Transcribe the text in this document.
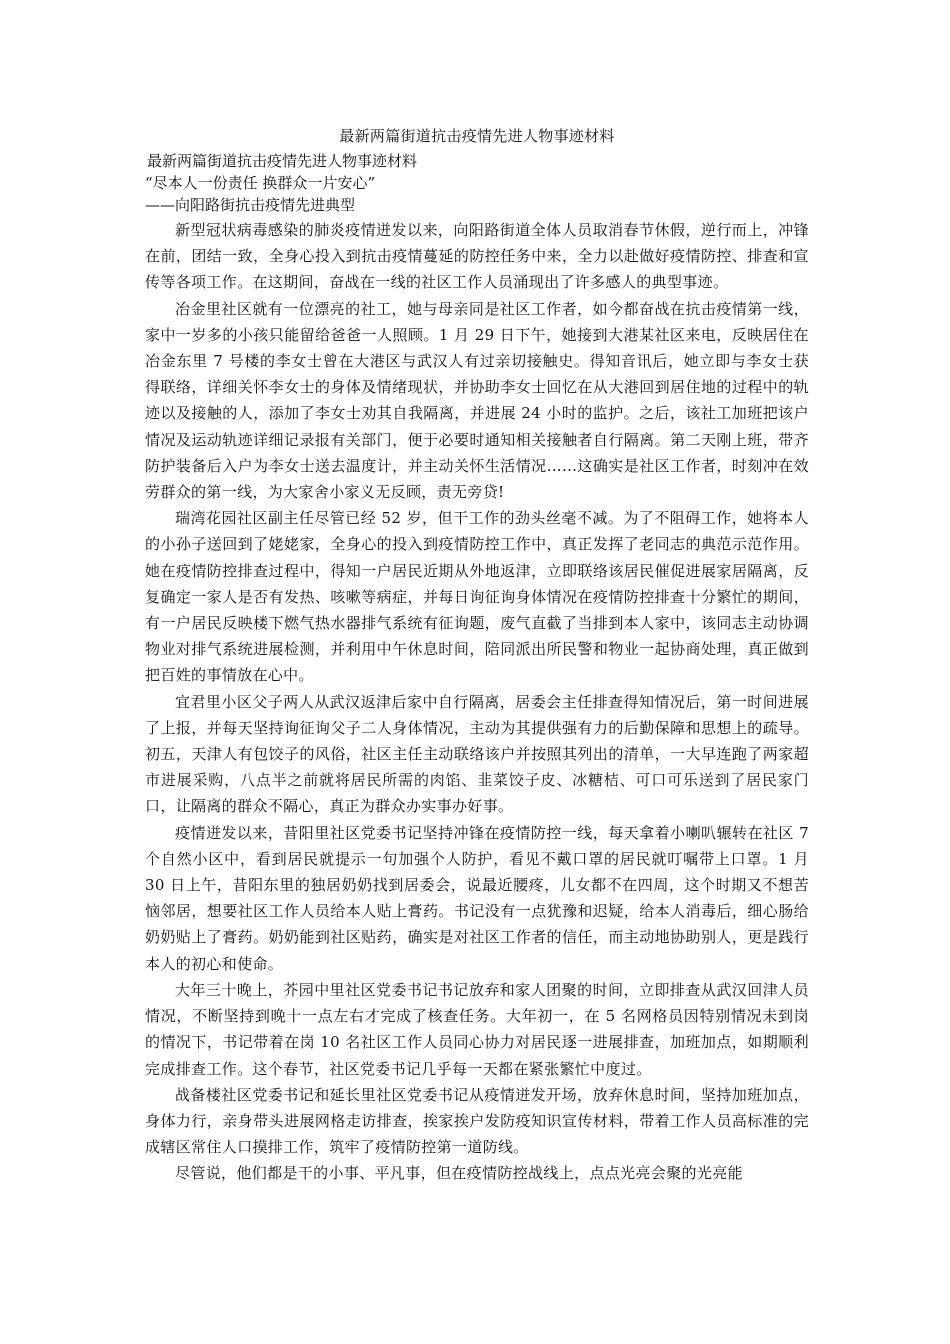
最新两篇街道抗击疫情先进人物事迹材料
最新两篇街道抗击疫情先进人物事迹材料
“尽本人一份责任 换群众一片安心”
——向阳路街抗击疫情先进典型

新型冠状病毒感染的肺炎疫情迸发以来，向阳路街道全体人员取消春节休假，逆行而上，冲锋在前，团结一致，全身心投入到抗击疫情蔓延的防控任务中来，全力以赴做好疫情防控、排查和宣传等各项工作。在这期间，奋战在一线的社区工作人员涌现出了许多感人的典型事迹。

冶金里社区就有一位漂亮的社工，她与母亲同是社区工作者，如今都奋战在抗击疫情第一线，家中一岁多的小孩只能留给爸爸一人照顾。1 月 29 日下午，她接到大港某社区来电，反映居住在冶金东里 7 号楼的李女士曾在大港区与武汉人有过亲切接触史。得知音讯后，她立即与李女士获得联络，详细关怀李女士的身体及情绪现状，并协助李女士回忆在从大港回到居住地的过程中的轨迹以及接触的人，添加了李女士劝其自我隔离，并进展 24 小时的监护。之后，该社工加班把该户情况及运动轨迹详细记录报有关部门，便于必要时通知相关接触者自行隔离。第二天刚上班，带齐防护装备后入户为李女士送去温度计，并主动关怀生活情况……这确实是社区工作者，时刻冲在效劳群众的第一线，为大家舍小家义无反顾，责无旁贷!

瑞湾花园社区副主任尽管已经 52 岁，但干工作的劲头丝毫不减。为了不阻碍工作，她将本人的小孙子送回到了姥姥家，全身心的投入到疫情防控工作中，真正发挥了老同志的典范示范作用。她在疫情防控排查过程中，得知一户居民近期从外地返津，立即联络该居民催促进展家居隔离，反复确定一家人是否有发热、咳嗽等病症，并每日询征询身体情况在疫情防控排查十分繁忙的期间，有一户居民反映楼下燃气热水器排气系统有征询题，废气直截了当排到本人家中，该同志主动协调物业对排气系统进展检测，并利用中午休息时间，陪同派出所民警和物业一起协商处理，真正做到把百姓的事情放在心中。

宜君里小区父子两人从武汉返津后家中自行隔离，居委会主任排查得知情况后，第一时间进展了上报，并每天坚持询征询父子二人身体情况，主动为其提供强有力的后勤保障和思想上的疏导。初五，天津人有包饺子的风俗，社区主任主动联络该户并按照其列出的清单，一大早连跑了两家超市进展采购，八点半之前就将居民所需的肉馅、韭菜饺子皮、冰糖桔、可口可乐送到了居民家门口，让隔离的群众不隔心，真正为群众办实事办好事。

疫情迸发以来，昔阳里社区党委书记坚持冲锋在疫情防控一线，每天拿着小喇叭辗转在社区 7 个自然小区中，看到居民就提示一句加强个人防护，看见不戴口罩的居民就叮嘱带上口罩。1 月 30 日上午，昔阳东里的独居奶奶找到居委会，说最近腰疼，儿女都不在四周，这个时期又不想苦恼邻居，想要社区工作人员给本人贴上膏药。书记没有一点犹豫和迟疑，给本人消毒后，细心肠给奶奶贴上了膏药。奶奶能到社区贴药，确实是对社区工作者的信任，而主动地协助别人，更是践行本人的初心和使命。

大年三十晚上，芥园中里社区党委书记书记放弃和家人团聚的时间，立即排查从武汉回津人员情况，不断坚持到晚十一点左右才完成了核查任务。大年初一，在 5 名网格员因特别情况未到岗的情况下，书记带着在岗 10 名社区工作人员同心协力对居民逐一进展排查，加班加点，如期顺利完成排查工作。这个春节，社区党委书记几乎每一天都在紧张繁忙中度过。

战备楼社区党委书记和延长里社区党委书记从疫情迸发开场，放弃休息时间，坚持加班加点，身体力行，亲身带头进展网格走访排查，挨家挨户发防疫知识宣传材料，带着工作人员高标准的完成辖区常住人口摸排工作，筑牢了疫情防控第一道防线。

尽管说，他们都是干的小事、平凡事，但在疫情防控战线上，点点光亮会聚的光亮能
